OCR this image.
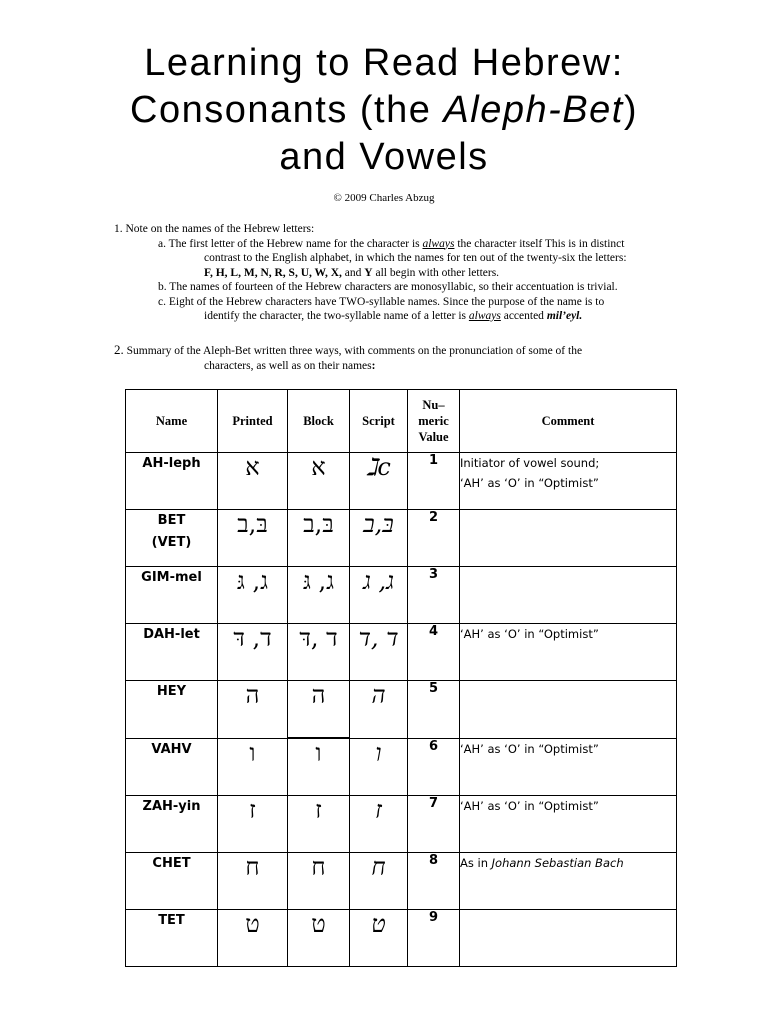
Learning to Read Hebrew:
Consonants (the Aleph-Bet)
and Vowels
© 2009 Charles Abzug

1. Note on the names of the Hebrew letters:

a. The first letter of the Hebrew name for the character is always the character itself This is in distinct

contrast to the English alphabet, in which the names for ten out of the twenty-six the letters:

F, H, L, M, N, R, S, U, W, X, and Y all begin with other letters.

b. The names of fourteen of the Hebrew characters are monosyllabic, so their accentuation is trivial.

c. Eight of the Hebrew characters have TWO-syllable names. Since the purpose of the name is to

identify the character, the two-syllable name of a letter is always accented mil’eyl.

2. Summary of the Aleph-Bet written three ways, with comments on the pronunciation of some of the
characters, as well as on their names:
Name	Printed	Block	Script	Nu–
meric
Value	Comment

AH-leph	א	א	ℷc	1	Initiator of vowel sound;
‘AH’ as ‘O’ in “Optimist”

BET
(VET)	בּ,ב	בּ,ב	בּ,ב	2	

GIM-mel	ג, גּ	ג, גּ	ג, ג	3	

DAH-let	ד, דּ	ד ,דּ	ד ,ד	4	‘AH’ as ‘O’ in “Optimist”

HEY	ה	ה	ה	5	

VAHV	ו	ו	ו	6	‘AH’ as ‘O’ in “Optimist”

ZAH-yin	ז	ז	ז	7	‘AH’ as ‘O’ in “Optimist”

CHET	ח	ח	ח	8	As in Johann Sebastian Bach

TET	ט	ט	ט	9	
